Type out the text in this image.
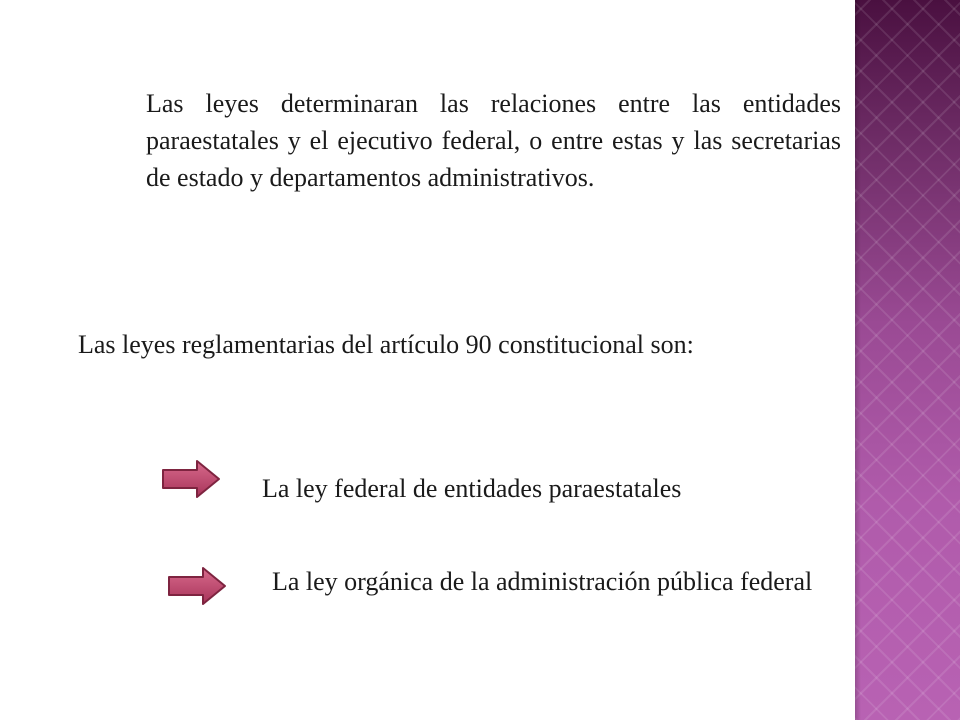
Las leyes determinaran las relaciones entre las entidades paraestatales y el ejecutivo federal, o entre estas y las secretarias de estado y departamentos administrativos.

Las leyes reglamentarias del artículo 90 constitucional son:

La ley federal de entidades paraestatales
La ley orgánica de la administración pública federal
